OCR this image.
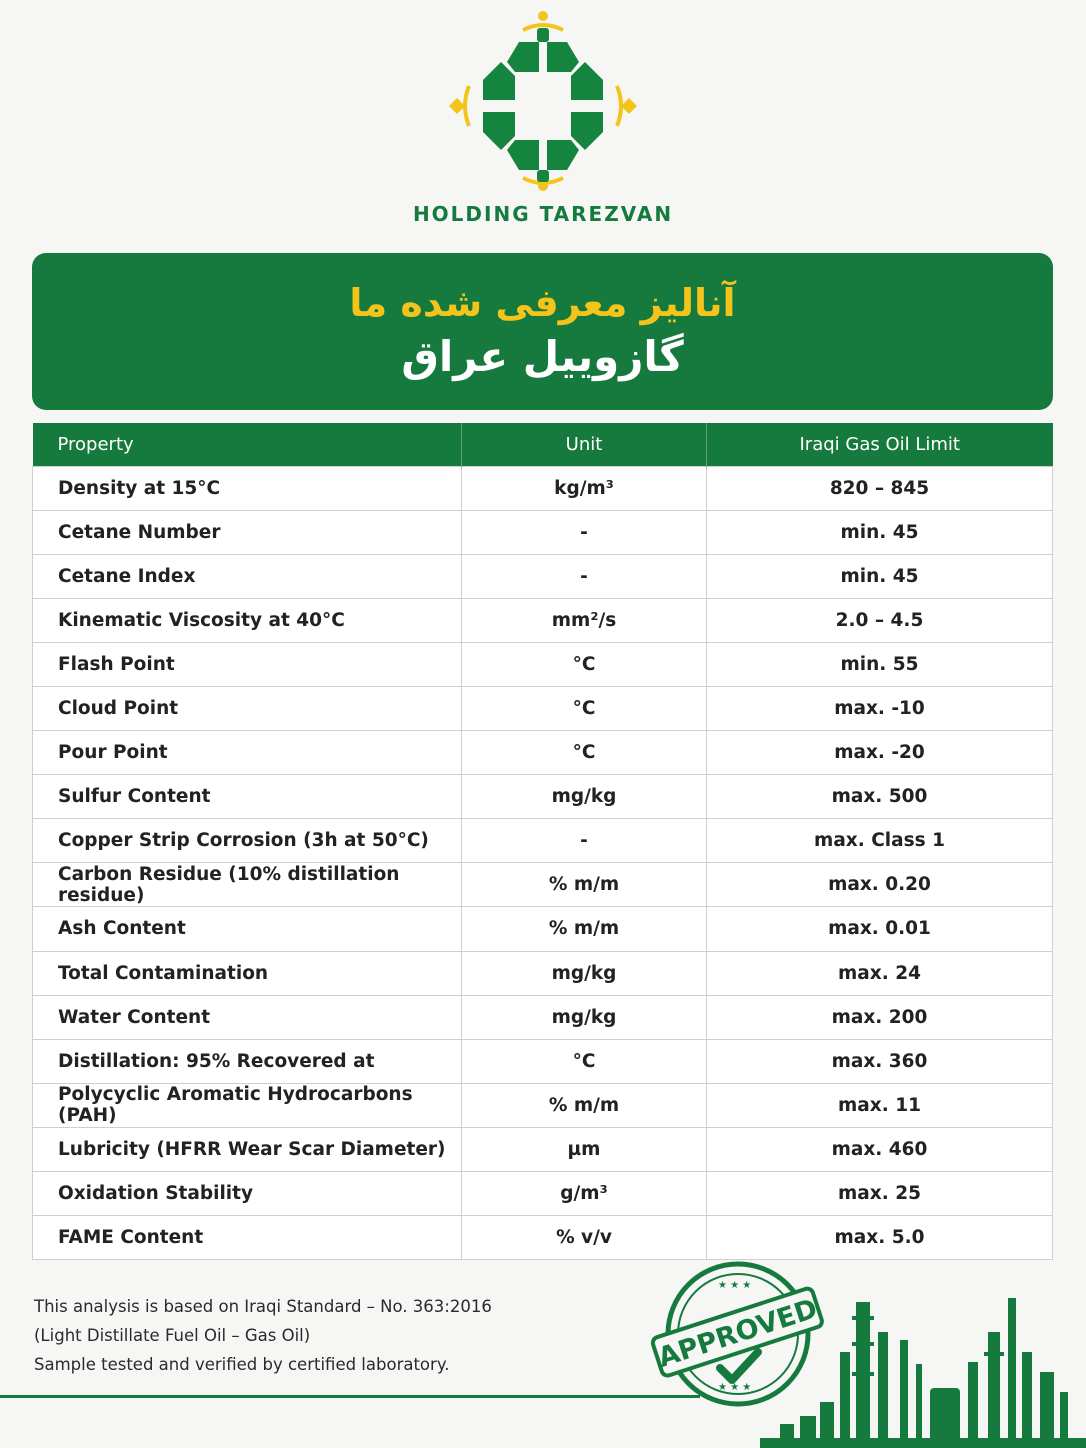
HOLDING TAREZVAN
آنالیز معرفی شده ما
گازوییل عراق
Property	Unit	Iraqi Gas Oil Limit
Density at 15°C	kg/m³	820 – 845
Cetane Number	-	min. 45
Cetane Index	-	min. 45
Kinematic Viscosity at 40°C	mm²/s	2.0 – 4.5
Flash Point	°C	min. 55
Cloud Point	°C	max. -10
Pour Point	°C	max. -20
Sulfur Content	mg/kg	max. 500
Copper Strip Corrosion (3h at 50°C)	-	max. Class 1
Carbon Residue (10% distillation residue)	% m/m	max. 0.20
Ash Content	% m/m	max. 0.01
Total Contamination	mg/kg	max. 24
Water Content	mg/kg	max. 200
Distillation: 95% Recovered at	°C	max. 360
Polycyclic Aromatic Hydrocarbons (PAH)	% m/m	max. 11
Lubricity (HFRR Wear Scar Diameter)	µm	max. 460
Oxidation Stability	g/m³	max. 25
FAME Content	% v/v	max. 5.0
This analysis is based on Iraqi Standard – No. 363:2016
(Light Distillate Fuel Oil – Gas Oil)
Sample tested and verified by certified laboratory.
★ ★ ★
★ ★ ★
APPROVED
